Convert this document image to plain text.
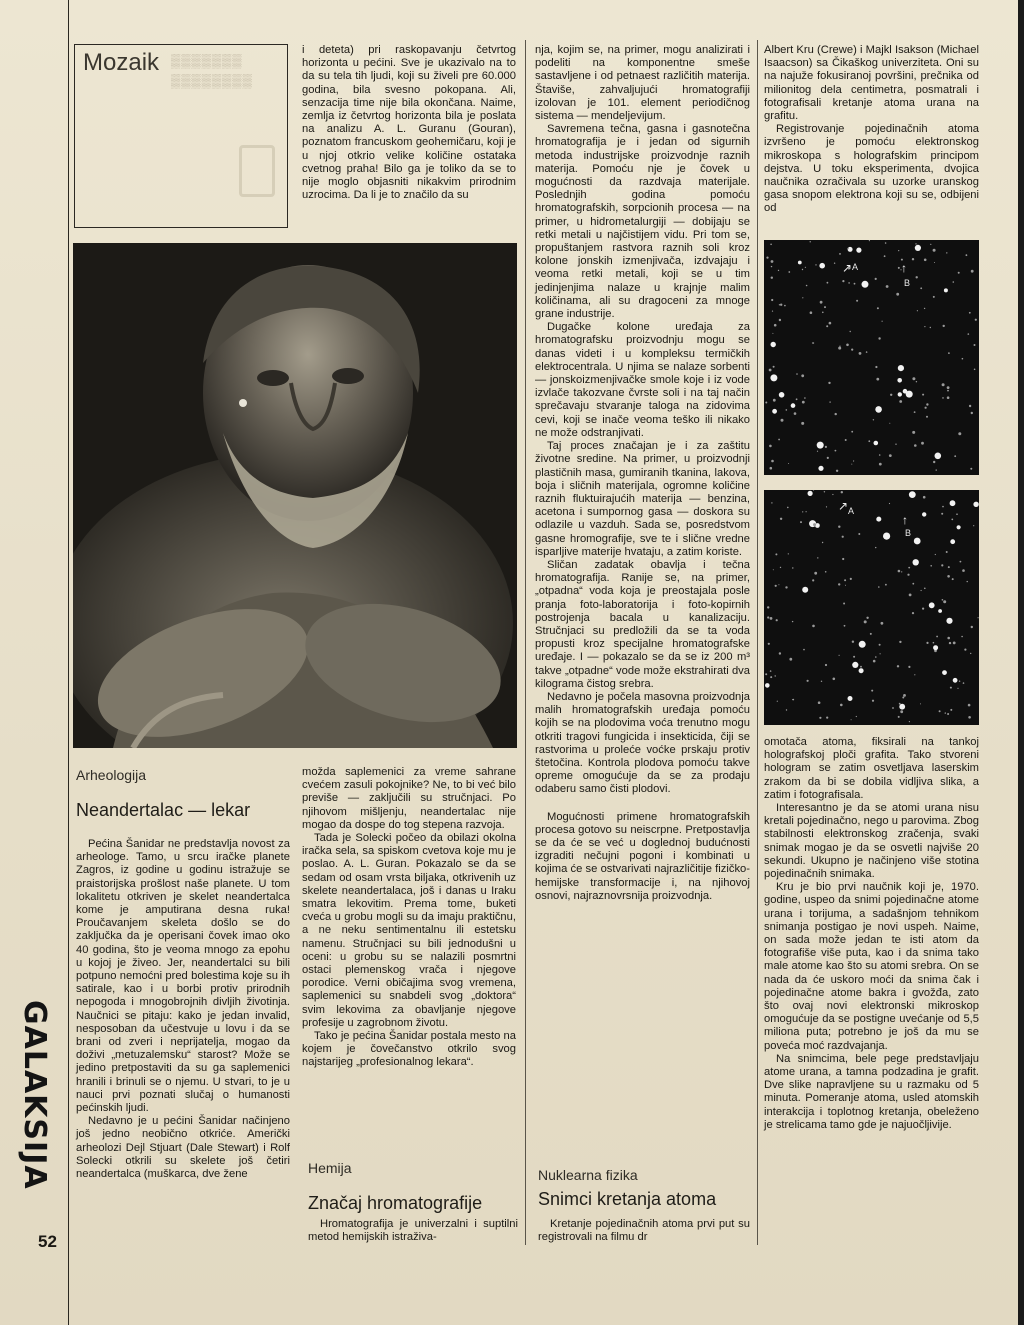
GALAKSIJA
52
▒▒▒▒▒▒▒
▒▒▒▒▒▒▒▒
Mozaik	i deteta) pri raskopavanju četvrtog horizonta u pećini. Sve je ukazivalo na to da su tela tih ljudi, koji su živeli pre 60.000 godina, bila svesno pokopana. Ali, senzacija time nije bila okončana. Naime, zemlja iz četvrtog horizonta bila je poslata na analizu A. L. Guranu (Gouran), poznatom francuskom geohemičaru, koji je u njoj otkrio velike količine ostataka cvetnog praha! Bilo ga je toliko da se to nije moglo objasniti nikakvim prirodnim uzrocima. Da li je to značilo da su

Arheologija
Neandertalac — lekar

Pećina Šanidar ne predstavlja novost za arheologe. Tamo, u srcu iračke planete Zagros, iz godine u godinu istražuje se praistorijska prošlost naše planete. U tom lokalitetu otkriven je skelet neandertalca kome je amputirana desna ruka! Proučavanjem skeleta došlo se do zaključka da je operisani čovek imao oko 40 godina, što je veoma mnogo za epohu u kojoj je živeo. Jer, neandertalci su bili potpuno nemoćni pred bolestima koje su ih satirale, kao i u borbi protiv prirodnih nepogoda i mnogobrojnih divljih životinja. Naučnici se pitaju: kako je jedan invalid, nesposoban da učestvuje u lovu i da se brani od zveri i neprijatelja, mogao da doživi „metuzalemsku“ starost? Može se jedino pretpostaviti da su ga saplemenici hranili i brinuli se o njemu. U stvari, to je u nauci prvi poznati slučaj o humanosti pećinskih ljudi.

Nedavno je u pećini Šanidar načinjeno još jedno neobično otkriće. Američki arheolozi Dejl Stjuart (Dale Stewart) i Rolf Solecki otkrili su skelete još četiri neandertalca (muškarca, dve žene

možda saplemenici za vreme sahrane cvećem zasuli pokojnike? Ne, to bi već bilo previše — zaključili su stručnjaci. Po njihovom mišljenju, neandertalac nije mogao da dospe do tog stepena razvoja.

Tada je Solecki počeo da obilazi okolna iračka sela, sa spiskom cvetova koje mu je poslao. A. L. Guran. Pokazalo se da se sedam od osam vrsta biljaka, otkrivenih uz skelete neandertalaca, još i danas u Iraku smatra lekovitim. Prema tome, buketi cveća u grobu mogli su da imaju praktičnu, a ne neku sentimentalnu ili estetsku namenu. Stručnjaci su bili jednodušni u oceni: u grobu su se nalazili posmrtni ostaci plemenskog vrača i njegove porodice. Verni običajima svog vremena, saplemenici su snabdeli svog „doktora“ svim lekovima za obavljanje njegove profesije u zagrobnom životu.

Tako je pećina Šanidar postala mesto na kojem je čovečanstvo otkrilo svog najstarijeg „profesionalnog lekara“.

Hemija
Značaj hromatografije

Hromatografija je univerzalni i suptilni metod hemijskih istraživa-

nja, kojim se, na primer, mogu analizirati i podeliti na komponentne smeše sastavljene i od petnaest različitih materija. Štaviše, zahvaljujući hromatografiji izolovan je 101. element periodičnog sistema — mendeljevijum.

Savremena tečna, gasna i gasnotečna hromatografija je i jedan od sigurnih metoda industrijske proizvodnje raznih materija. Pomoću nje je čovek u mogućnosti da razdvaja materijale. Poslednjih godina pomoću hromatografskih, sorpcionih procesa — na primer, u hidrometalurgiji — dobijaju se retki metali u najčistijem vidu. Pri tom se, propuštanjem rastvora raznih soli kroz kolone jonskih izmenjivača, izdvajaju i veoma retki metali, koji se u tim jedinjenjima nalaze u krajnje malim količinama, ali su dragoceni za mnoge grane industrije.

Dugačke kolone uređaja za hromatografsku proizvodnju mogu se danas videti i u kompleksu termičkih elektrocentrala. U njima se nalaze sorbenti — jonskoizmenjivačke smole koje i iz vode izvlače takozvane čvrste soli i na taj način sprečavaju stvaranje taloga na zidovima cevi, koji se inače veoma teško ili nikako ne može odstranjivati.

Taj proces značajan je i za zaštitu životne sredine. Na primer, u proizvodnji plastičnih masa, gumiranih tkanina, lakova, boja i sličnih materijala, ogromne količine raznih fluktuirajućih materija — benzina, acetona i sumpornog gasa — doskora su odlazile u vazduh. Sada se, posredstvom gasne hromografije, sve te i slične vredne isparljive materije hvataju, a zatim koriste.

Sličan zadatak obavlja i tečna hromatografija. Ranije se, na primer, „otpadna“ voda koja je preostajala posle pranja foto-laboratorija i foto-kopirnih postrojenja bacala u kanalizaciju. Stručnjaci su predložili da se ta voda propusti kroz specijalne hromatografske uređaje. I — pokazalo se da se iz 200 m³ takve „otpadne“ vode može ekstrahirati dva kilograma čistog srebra.

Nedavno je počela masovna proizvodnja malih hromatografskih uređaja pomoću kojih se na plodovima voća trenutno mogu otkriti tragovi fungicida i insekticida, čiji se rastvorima u proleće voćke prskaju protiv štetočina. Kontrola plodova pomoću takve opreme omogućuje da se za prodaju odaberu samo čisti plodovi.

Mogućnosti primene hromatografskih procesa gotovo su neiscrpne. Pretpostavlja se da će se već u doglednoj budućnosti izgraditi nečujni pogoni i kombinati u kojima će se ostvarivati najrazličitije fizičko-hemijske transformacije i, na njihovoj osnovi, najraznovrsnija proizvodnja.

Nuklearna fizika
Snimci kretanja atoma

Kretanje pojedinačnih atoma prvi put su registrovali na filmu dr

Albert Kru (Crewe) i Majkl Isakson (Michael Isaacson) sa Čikaškog univerziteta. Oni su na najuže fokusiranoj površini, prečnika od milionitog dela centimetra, posmatrali i fotografisali kretanje atoma urana na grafitu.

Registrovanje pojedinačnih atoma izvršeno je pomoću elektronskog mikroskopa s holografskim principom dejstva. U toku eksperimenta, dvojica naučnika ozračivala su uzorke uranskog gasa snopom elektrona koji su se, odbijeni od

↗ A	↑
B
↗ A
↑
B

omotača atoma, fiksirali na tankoj holografskoj ploči grafita. Tako stvoreni hologram se zatim osvetljava laserskim zrakom da bi se dobila vidljiva slika, a zatim i fotografisala.

Interesantno je da se atomi urana nisu kretali pojedinačno, nego u parovima. Zbog stabilnosti elektronskog zračenja, svaki snimak mogao je da se osvetli najviše 20 sekundi. Ukupno je načinjeno više stotina pojedinačnih snimaka.

Kru je bio prvi naučnik koji je, 1970. godine, uspeo da snimi pojedinačne atome urana i torijuma, a sadašnjom tehnikom snimanja postigao je novi uspeh. Naime, on sada može jedan te isti atom da fotografiše više puta, kao i da snima tako male atome kao što su atomi srebra. On se nada da će uskoro moći da snima čak i pojedinačne atome bakra i gvožđa, zato što ovaj novi elektronski mikroskop omogućuje da se postigne uvećanje od 5,5 miliona puta; potrebno je još da mu se poveća moć razdvajanja.

Na snimcima, bele pege predstavljaju atome urana, a tamna podzadina je grafit. Dve slike napravljene su u razmaku od 5 minuta. Pomeranje atoma, usled atomskih interakcija i toplotnog kretanja, obeleženo je strelicama tamo gde je najuočljivije.
